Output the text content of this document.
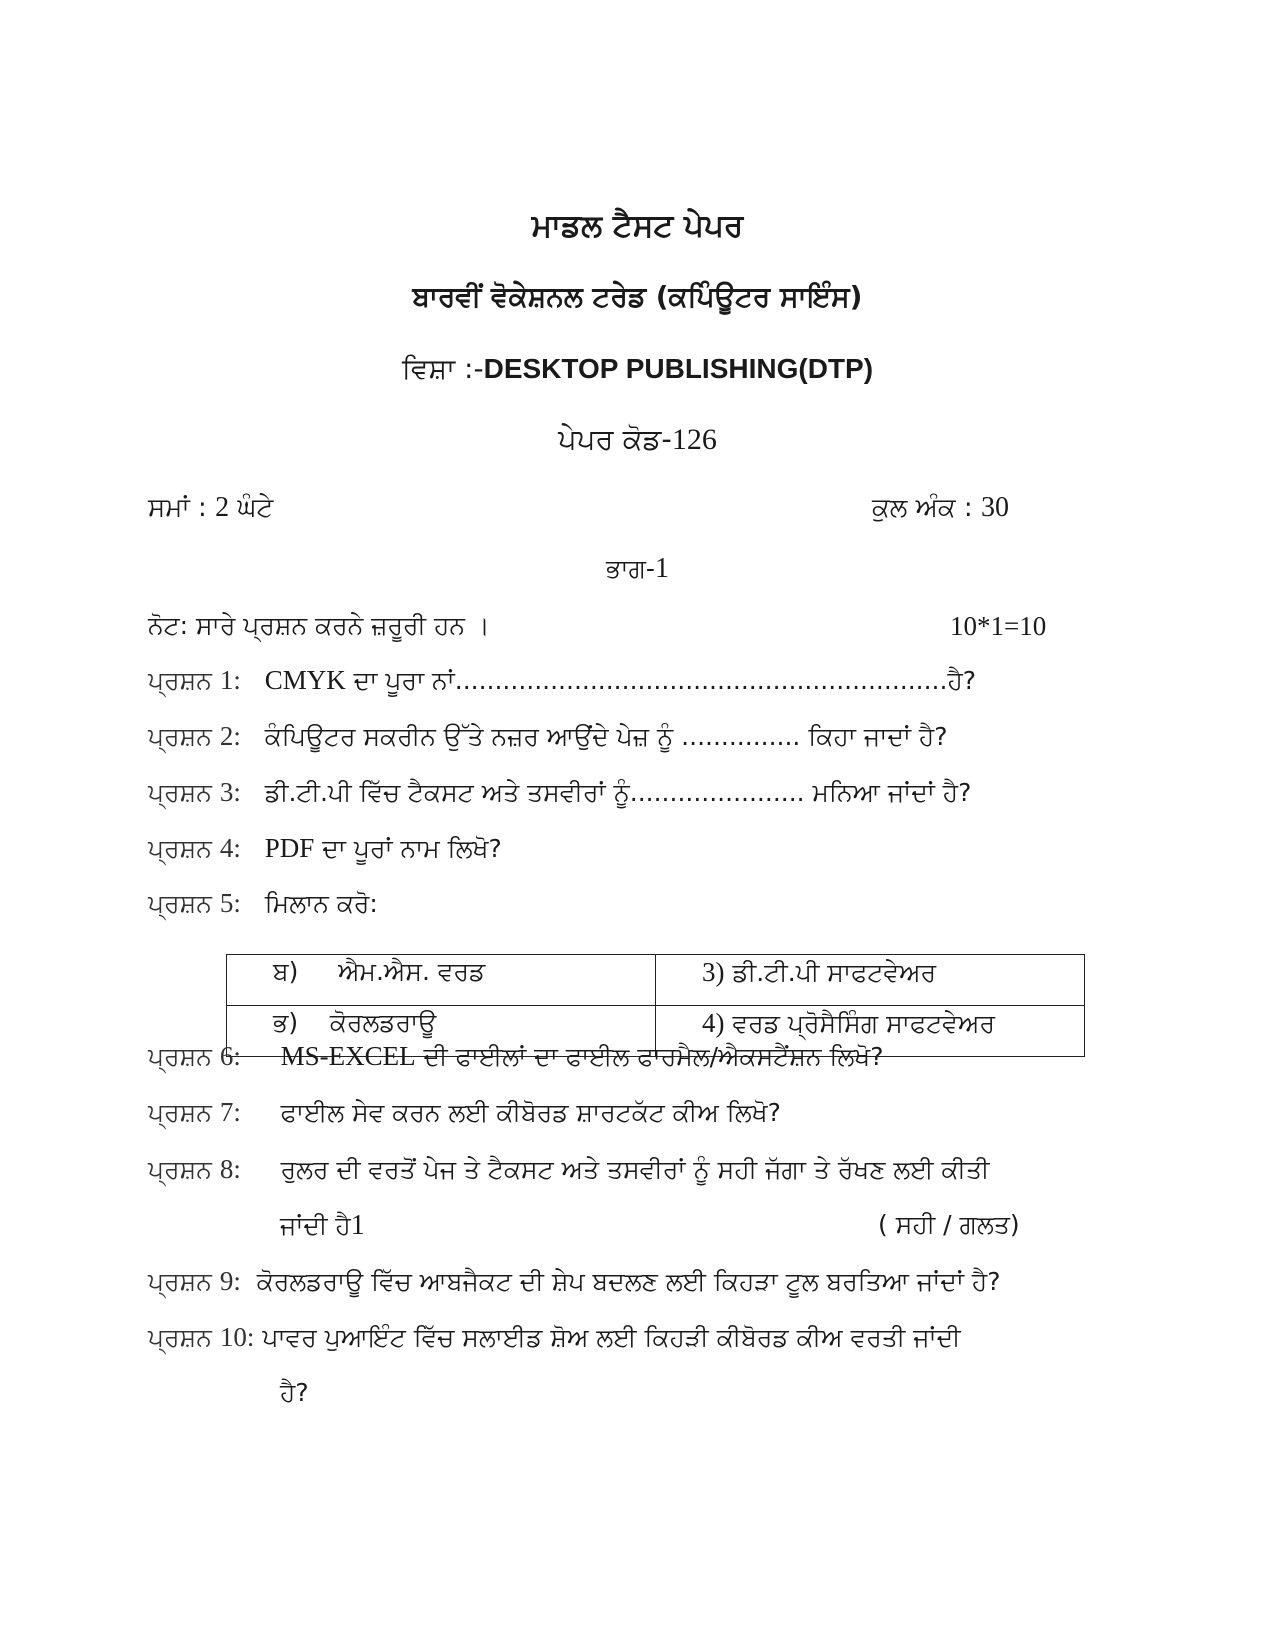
ਮਾਡਲ ਟੈਸਟ ਪੇਪਰ
ਬਾਰਵੀਂ ਵੋਕੇਸ਼ਨਲ ਟਰੇਡ (ਕਪਿੰਊਟਰ ਸਾਇੰਸ)
ਵਿਸ਼ਾ :-DESKTOP PUBLISHING(DTP)
ਪੇਪਰ ਕੋਡ-126
ਸਮਾਂ : 2 ਘੰਟੇ	ਕੁਲ ਅੰਕ : 30
ਭਾਗ-1
ਨੋਟ: ਸਾਰੇ ਪ੍ਰਸ਼ਨ ਕਰਨੇ ਜ਼ਰੂਰੀ ਹਨ ।	10*1=10
ਪ੍ਰਸ਼ਨ 1: CMYK ਦਾ ਪੂਰਾ ਨਾਂ..............................................................ਹੈ?
ਪ੍ਰਸ਼ਨ 2: ਕੰਪਿਊਟਰ ਸਕਰੀਨ ਉੱਤੇ ਨਜ਼ਰ ਆਉਂਦੇ ਪੇਜ਼ ਨੂੰ ............... ਕਿਹਾ ਜਾਦਾਂ ਹੈ?
ਪ੍ਰਸ਼ਨ 3: ਡੀ.ਟੀ.ਪੀ ਵਿੱਚ ਟੈਕਸਟ ਅਤੇ ਤਸਵੀਰਾਂ ਨੂੰ...................... ਮਨਿਆ ਜਾਂਦਾਂ ਹੈ?
ਪ੍ਰਸ਼ਨ 4: PDF ਦਾ ਪੂਰਾਂ ਨਾਮ ਲਿਖੋ?
ਪ੍ਰਸ਼ਨ 5: ਮਿਲਾਨ ਕਰੋ:
ਬ) ਐਮ.ਐਸ. ਵਰਡ	3) ਡੀ.ਟੀ.ਪੀ ਸਾਫਟਵੇਅਰ

ਭ) ਕੋਰਲਡਰਾਊ	4) ਵਰਡ ਪ੍ਰੋਸੈਸਿੰਗ ਸਾਫਟਵੇਅਰ
ਪ੍ਰਸ਼ਨ 6: MS-EXCEL ਦੀ ਫਾਈਲਾਂ ਦਾ ਫਾਈਲ ਫਾਰਮੈਲ/ਐਕਸਟੈਂਸ਼ਨ ਲਿਖੋ?
ਪ੍ਰਸ਼ਨ 7: ਫਾਈਲ ਸੇਵ ਕਰਨ ਲਈ ਕੀਬੋਰਡ ਸ਼ਾਰਟਕੱਟ ਕੀਅ ਲਿਖੋ?
ਪ੍ਰਸ਼ਨ 8: ਰੁਲਰ ਦੀ ਵਰਤੋਂ ਪੇਜ ਤੇ ਟੈਕਸਟ ਅਤੇ ਤਸਵੀਰਾਂ ਨੂੰ ਸਹੀ ਜੱਗਾ ਤੇ ਰੱਖਣ ਲਈ ਕੀਤੀ
ਜਾਂਦੀ ਹੈ1	( ਸਹੀ / ਗਲਤ)
ਪ੍ਰਸ਼ਨ 9: ਕੋਰਲਡਰਾਊ ਵਿੱਚ ਆਬਜੈਕਟ ਦੀ ਸ਼ੇਪ ਬਦਲਣ ਲਈ ਕਿਹੜਾ ਟੂਲ ਬਰਤਿਆ ਜਾਂਦਾਂ ਹੈ?
ਪ੍ਰਸ਼ਨ 10: ਪਾਵਰ ਪੁਆਇੰਟ ਵਿੱਚ ਸਲਾਈਡ ਸ਼ੋਅ ਲਈ ਕਿਹੜੀ ਕੀਬੋਰਡ ਕੀਅ ਵਰਤੀ ਜਾਂਦੀ
ਹੈ?
